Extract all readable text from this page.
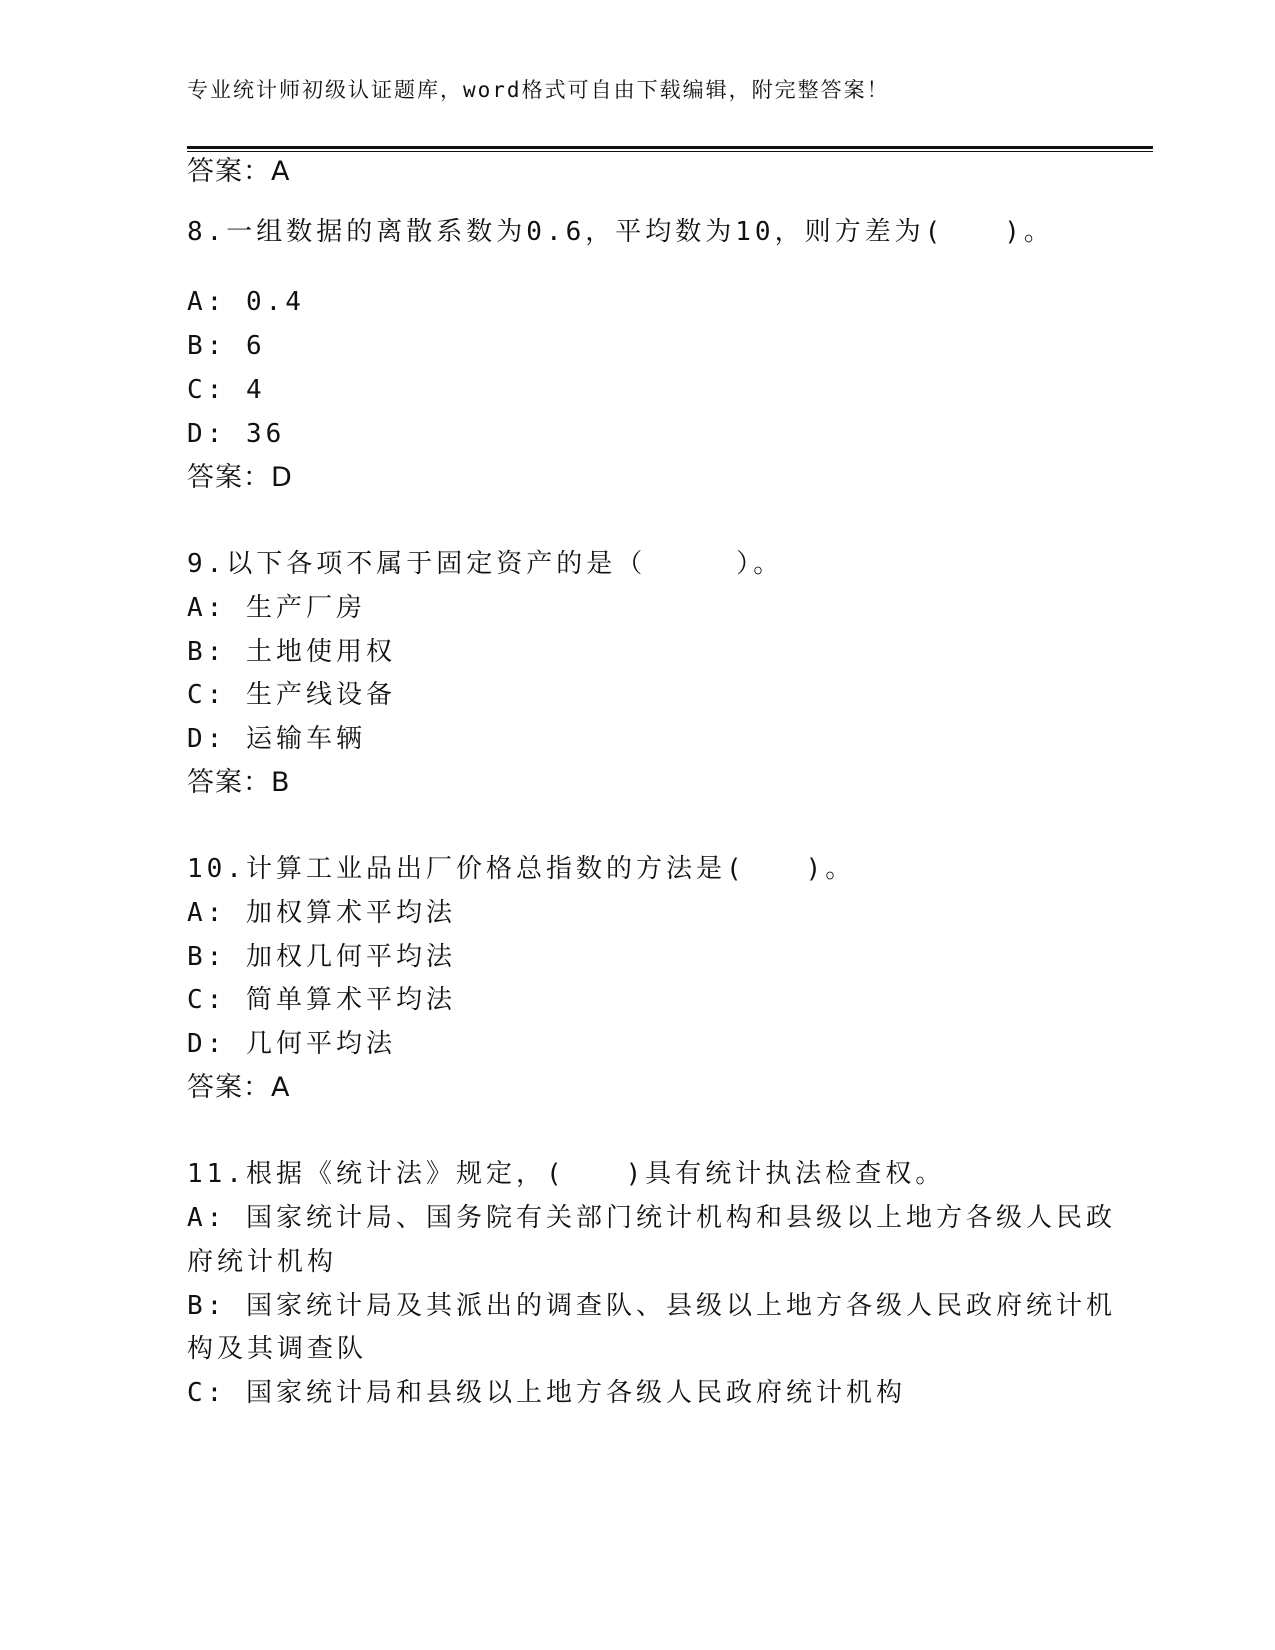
专业统计师初级认证题库，word格式可自由下载编辑，附完整答案！
答案：A
8.一组数据的离散系数为0.6，平均数为10，则方差为(　　)。
A: 0.4
B: 6
C: 4
D: 36
答案：D
9.以下各项不属于固定资产的是（　　　）。
A: 生产厂房
B: 土地使用权
C: 生产线设备
D: 运输车辆
答案：B
10.计算工业品出厂价格总指数的方法是(　　)。
A: 加权算术平均法
B: 加权几何平均法
C: 简单算术平均法
D: 几何平均法
答案：A
11.根据《统计法》规定，(　　)具有统计执法检查权。
A: 国家统计局、国务院有关部门统计机构和县级以上地方各级人民政
府统计机构
B: 国家统计局及其派出的调查队、县级以上地方各级人民政府统计机
构及其调查队
C: 国家统计局和县级以上地方各级人民政府统计机构
